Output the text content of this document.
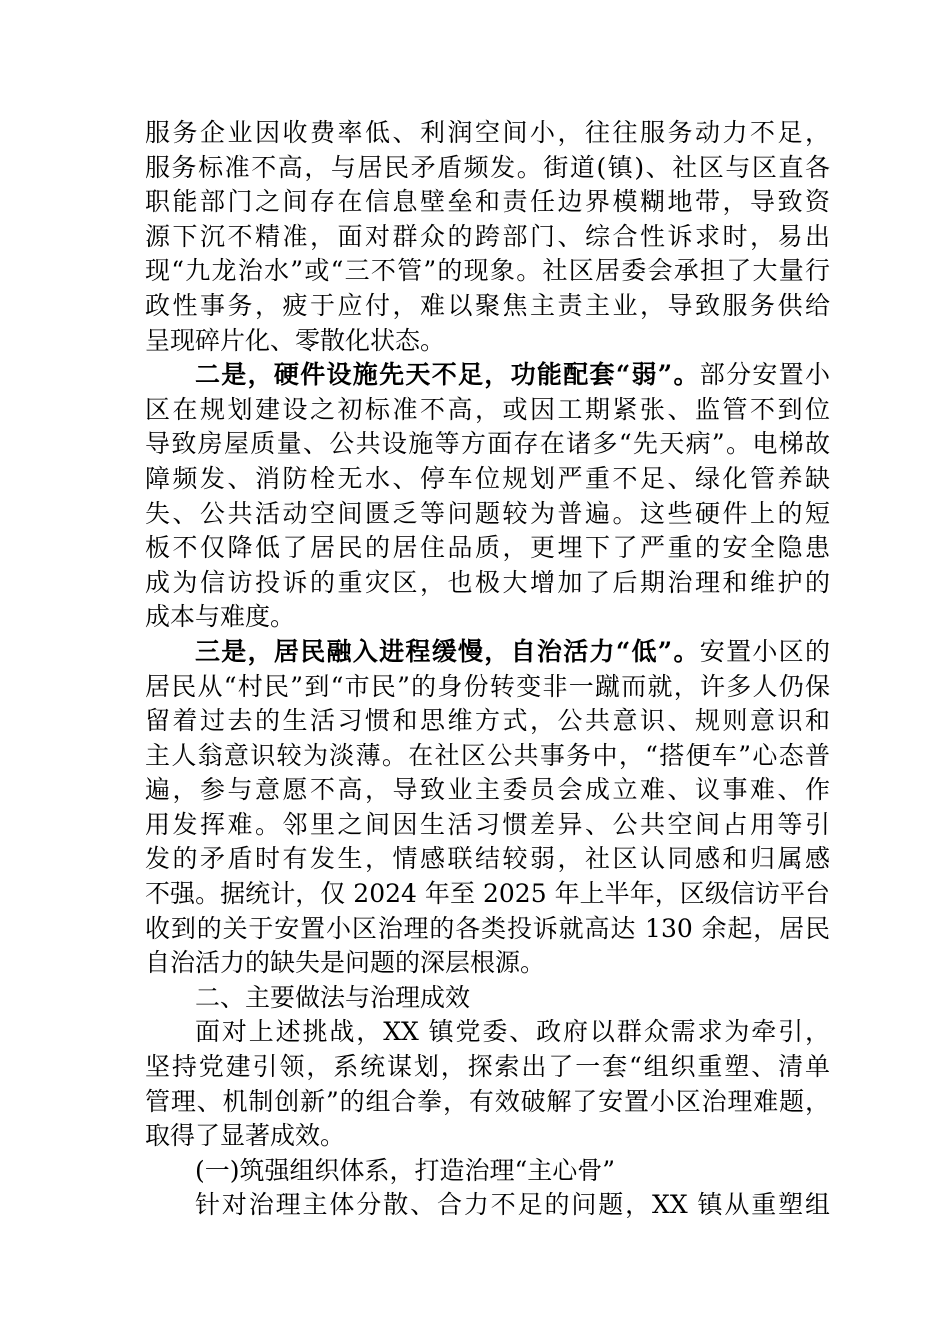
服务企业因收费率低、利润空间小，往往服务动力不足，
服务标准不高，与居民矛盾频发。街道(镇)、社区与区直各
职能部门之间存在信息壁垒和责任边界模糊地带，导致资
源下沉不精准，面对群众的跨部门、综合性诉求时，易出
现“九龙治水”或“三不管”的现象。社区居委会承担了大量行
政性事务，疲于应付，难以聚焦主责主业，导致服务供给
呈现碎片化、零散化状态。
二是，硬件设施先天不足，功能配套“弱”。部分安置小
区在规划建设之初标准不高，或因工期紧张、监管不到位
导致房屋质量、公共设施等方面存在诸多“先天病”。电梯故
障频发、消防栓无水、停车位规划严重不足、绿化管养缺
失、公共活动空间匮乏等问题较为普遍。这些硬件上的短
板不仅降低了居民的居住品质，更埋下了严重的安全隐患
成为信访投诉的重灾区，也极大增加了后期治理和维护的
成本与难度。
三是，居民融入进程缓慢，自治活力“低”。安置小区的
居民从“村民”到“市民”的身份转变非一蹴而就，许多人仍保
留着过去的生活习惯和思维方式，公共意识、规则意识和
主人翁意识较为淡薄。在社区公共事务中，“搭便车”心态普
遍，参与意愿不高，导致业主委员会成立难、议事难、作
用发挥难。邻里之间因生活习惯差异、公共空间占用等引
发的矛盾时有发生，情感联结较弱，社区认同感和归属感
不强。据统计，仅 2024 年至 2025 年上半年，区级信访平台
收到的关于安置小区治理的各类投诉就高达 130 余起，居民
自治活力的缺失是问题的深层根源。
二、主要做法与治理成效
面对上述挑战，XX 镇党委、政府以群众需求为牵引，
坚持党建引领，系统谋划，探索出了一套“组织重塑、清单
管理、机制创新”的组合拳，有效破解了安置小区治理难题，
取得了显著成效。
(一)筑强组织体系，打造治理“主心骨”
针对治理主体分散、合力不足的问题，XX 镇从重塑组
